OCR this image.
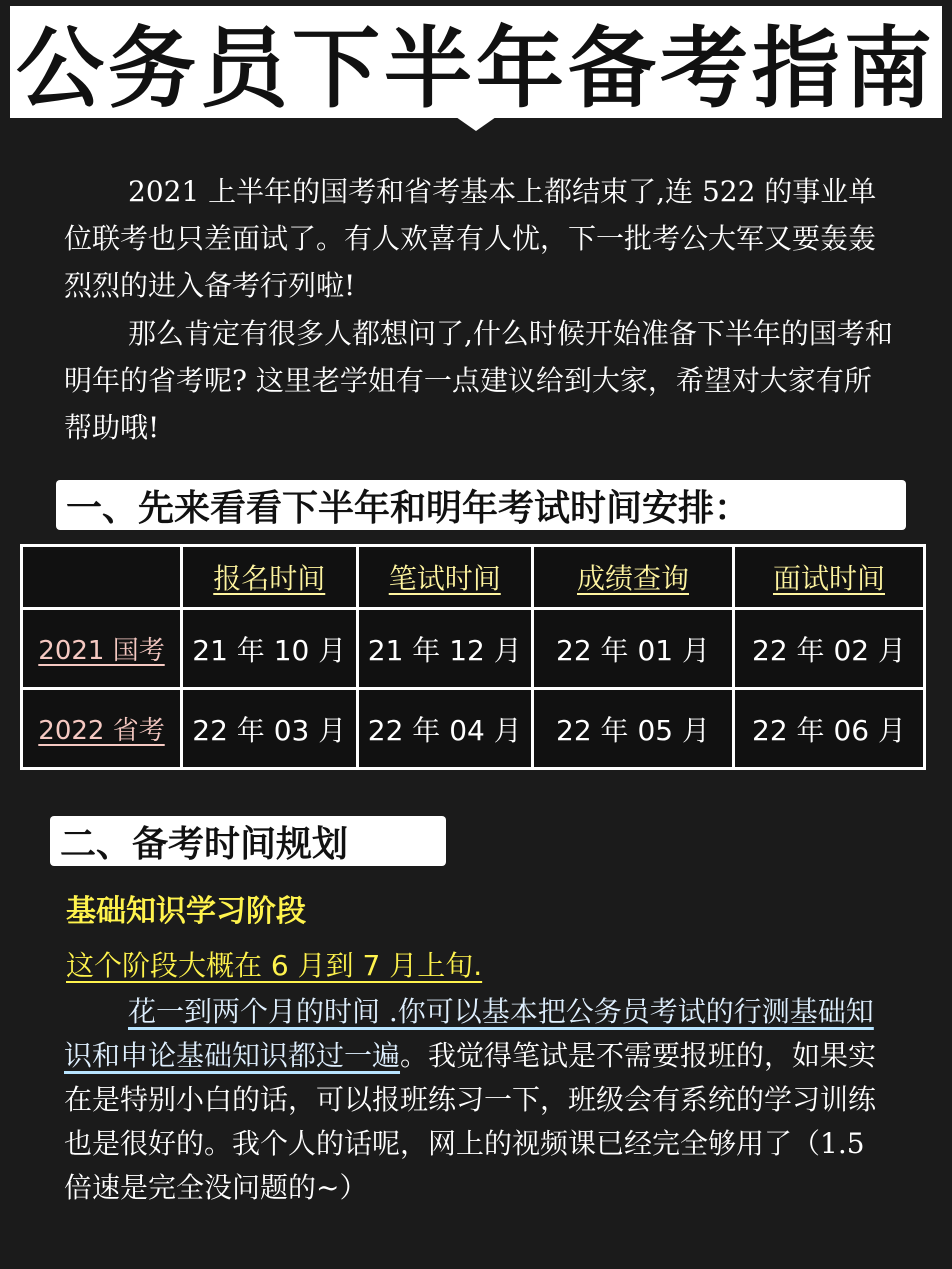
公务员下半年备考指南

2021 上半年的国考和省考基本上都结束了,连 522 的事业单位联考也只差面试了。有人欢喜有人忧，下一批考公大军又要轰轰烈烈的进入备考行列啦!

那么肯定有很多人都想问了,什么时候开始准备下半年的国考和明年的省考呢? 这里老学姐有一点建议给到大家，希望对大家有所帮助哦!

一、先来看看下半年和明年考试时间安排：
	报名时间	笔试时间	成绩查询	面试时间
2021 国考	21 年 10 月	21 年 12 月	22 年 01 月	22 年 02 月
2022 省考	22 年 03 月	22 年 04 月	22 年 05 月	22 年 06 月
二、备考时间规划
基础知识学习阶段
这个阶段大概在 6 月到 7 月上旬.

花一到两个月的时间 .你可以基本把公务员考试的行测基础知识和申论基础知识都过一遍。我觉得笔试是不需要报班的，如果实在是特别小白的话，可以报班练习一下，班级会有系统的学习训练也是很好的。我个人的话呢，网上的视频课已经完全够用了（1.5 倍速是完全没问题的~）
